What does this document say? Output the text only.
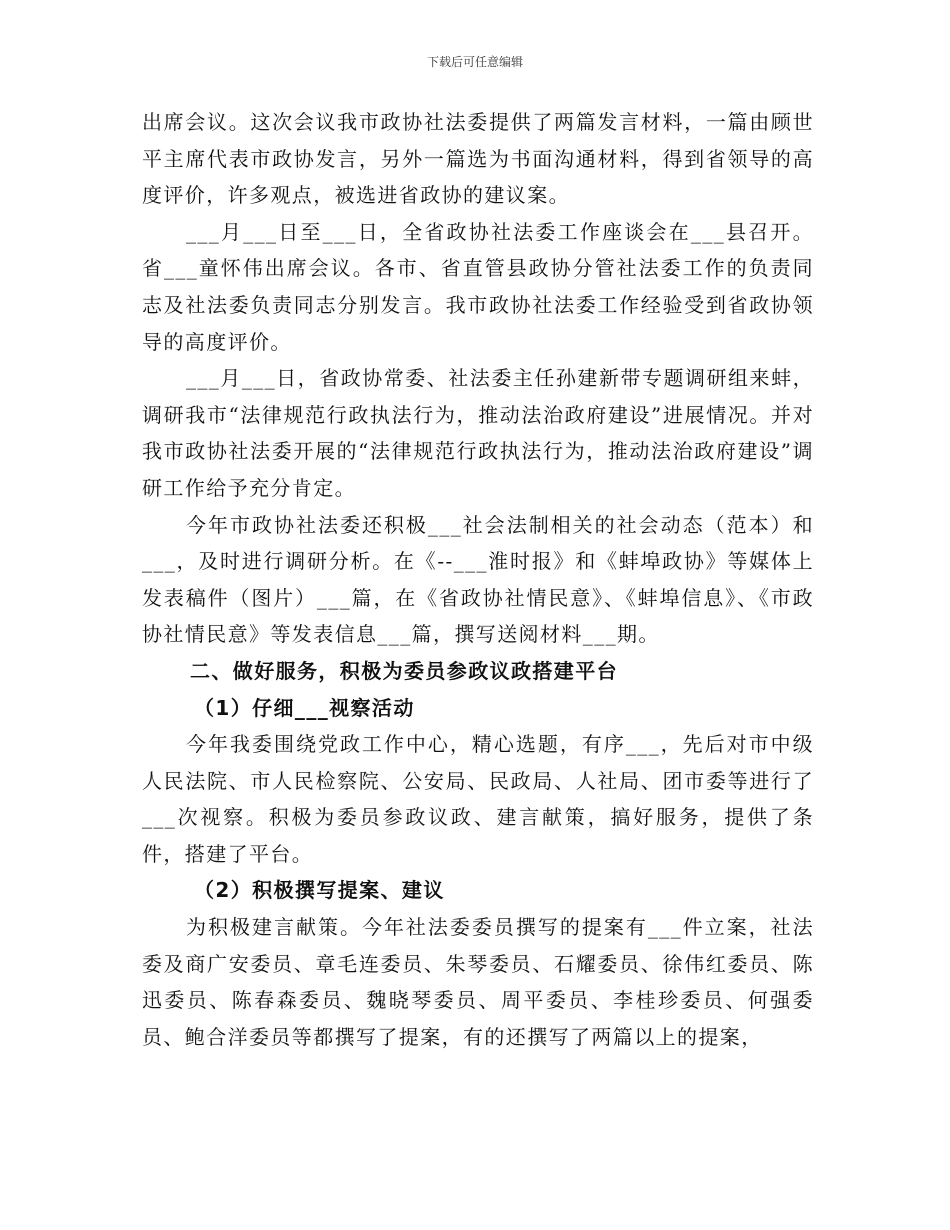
下载后可任意编辑

出席会议。这次会议我市政协社法委提供了两篇发言材料，一篇由顾世平主席代表市政协发言，另外一篇选为书面沟通材料，得到省领导的高度评价，许多观点，被选进省政协的建议案。

___月___日至___日，全省政协社法委工作座谈会在___县召开。省___童怀伟出席会议。各市、省直管县政协分管社法委工作的负责同志及社法委负责同志分别发言。我市政协社法委工作经验受到省政协领导的高度评价。

___月___日，省政协常委、社法委主任孙建新带专题调研组来蚌，调研我市“法律规范行政执法行为，推动法治政府建设”进展情况。并对我市政协社法委开展的“法律规范行政执法行为，推动法治政府建设”调研工作给予充分肯定。

今年市政协社法委还积极___社会法制相关的社会动态（范本）和___，及时进行调研分析。在《--___淮时报》和《蚌埠政协》等媒体上发表稿件（图片）___篇，在《省政协社情民意》、《蚌埠信息》、《市政协社情民意》等发表信息___篇，撰写送阅材料___期。

二、做好服务，积极为委员参政议政搭建平台

（1）仔细___视察活动

今年我委围绕党政工作中心，精心选题，有序___，先后对市中级人民法院、市人民检察院、公安局、民政局、人社局、团市委等进行了___次视察。积极为委员参政议政、建言献策，搞好服务，提供了条件，搭建了平台。

（2）积极撰写提案、建议

为积极建言献策。今年社法委委员撰写的提案有___件立案，社法委及商广安委员、章毛连委员、朱琴委员、石耀委员、徐伟红委员、陈迅委员、陈春森委员、魏晓琴委员、周平委员、李桂珍委员、何强委员、鲍合洋委员等都撰写了提案，有的还撰写了两篇以上的提案，
